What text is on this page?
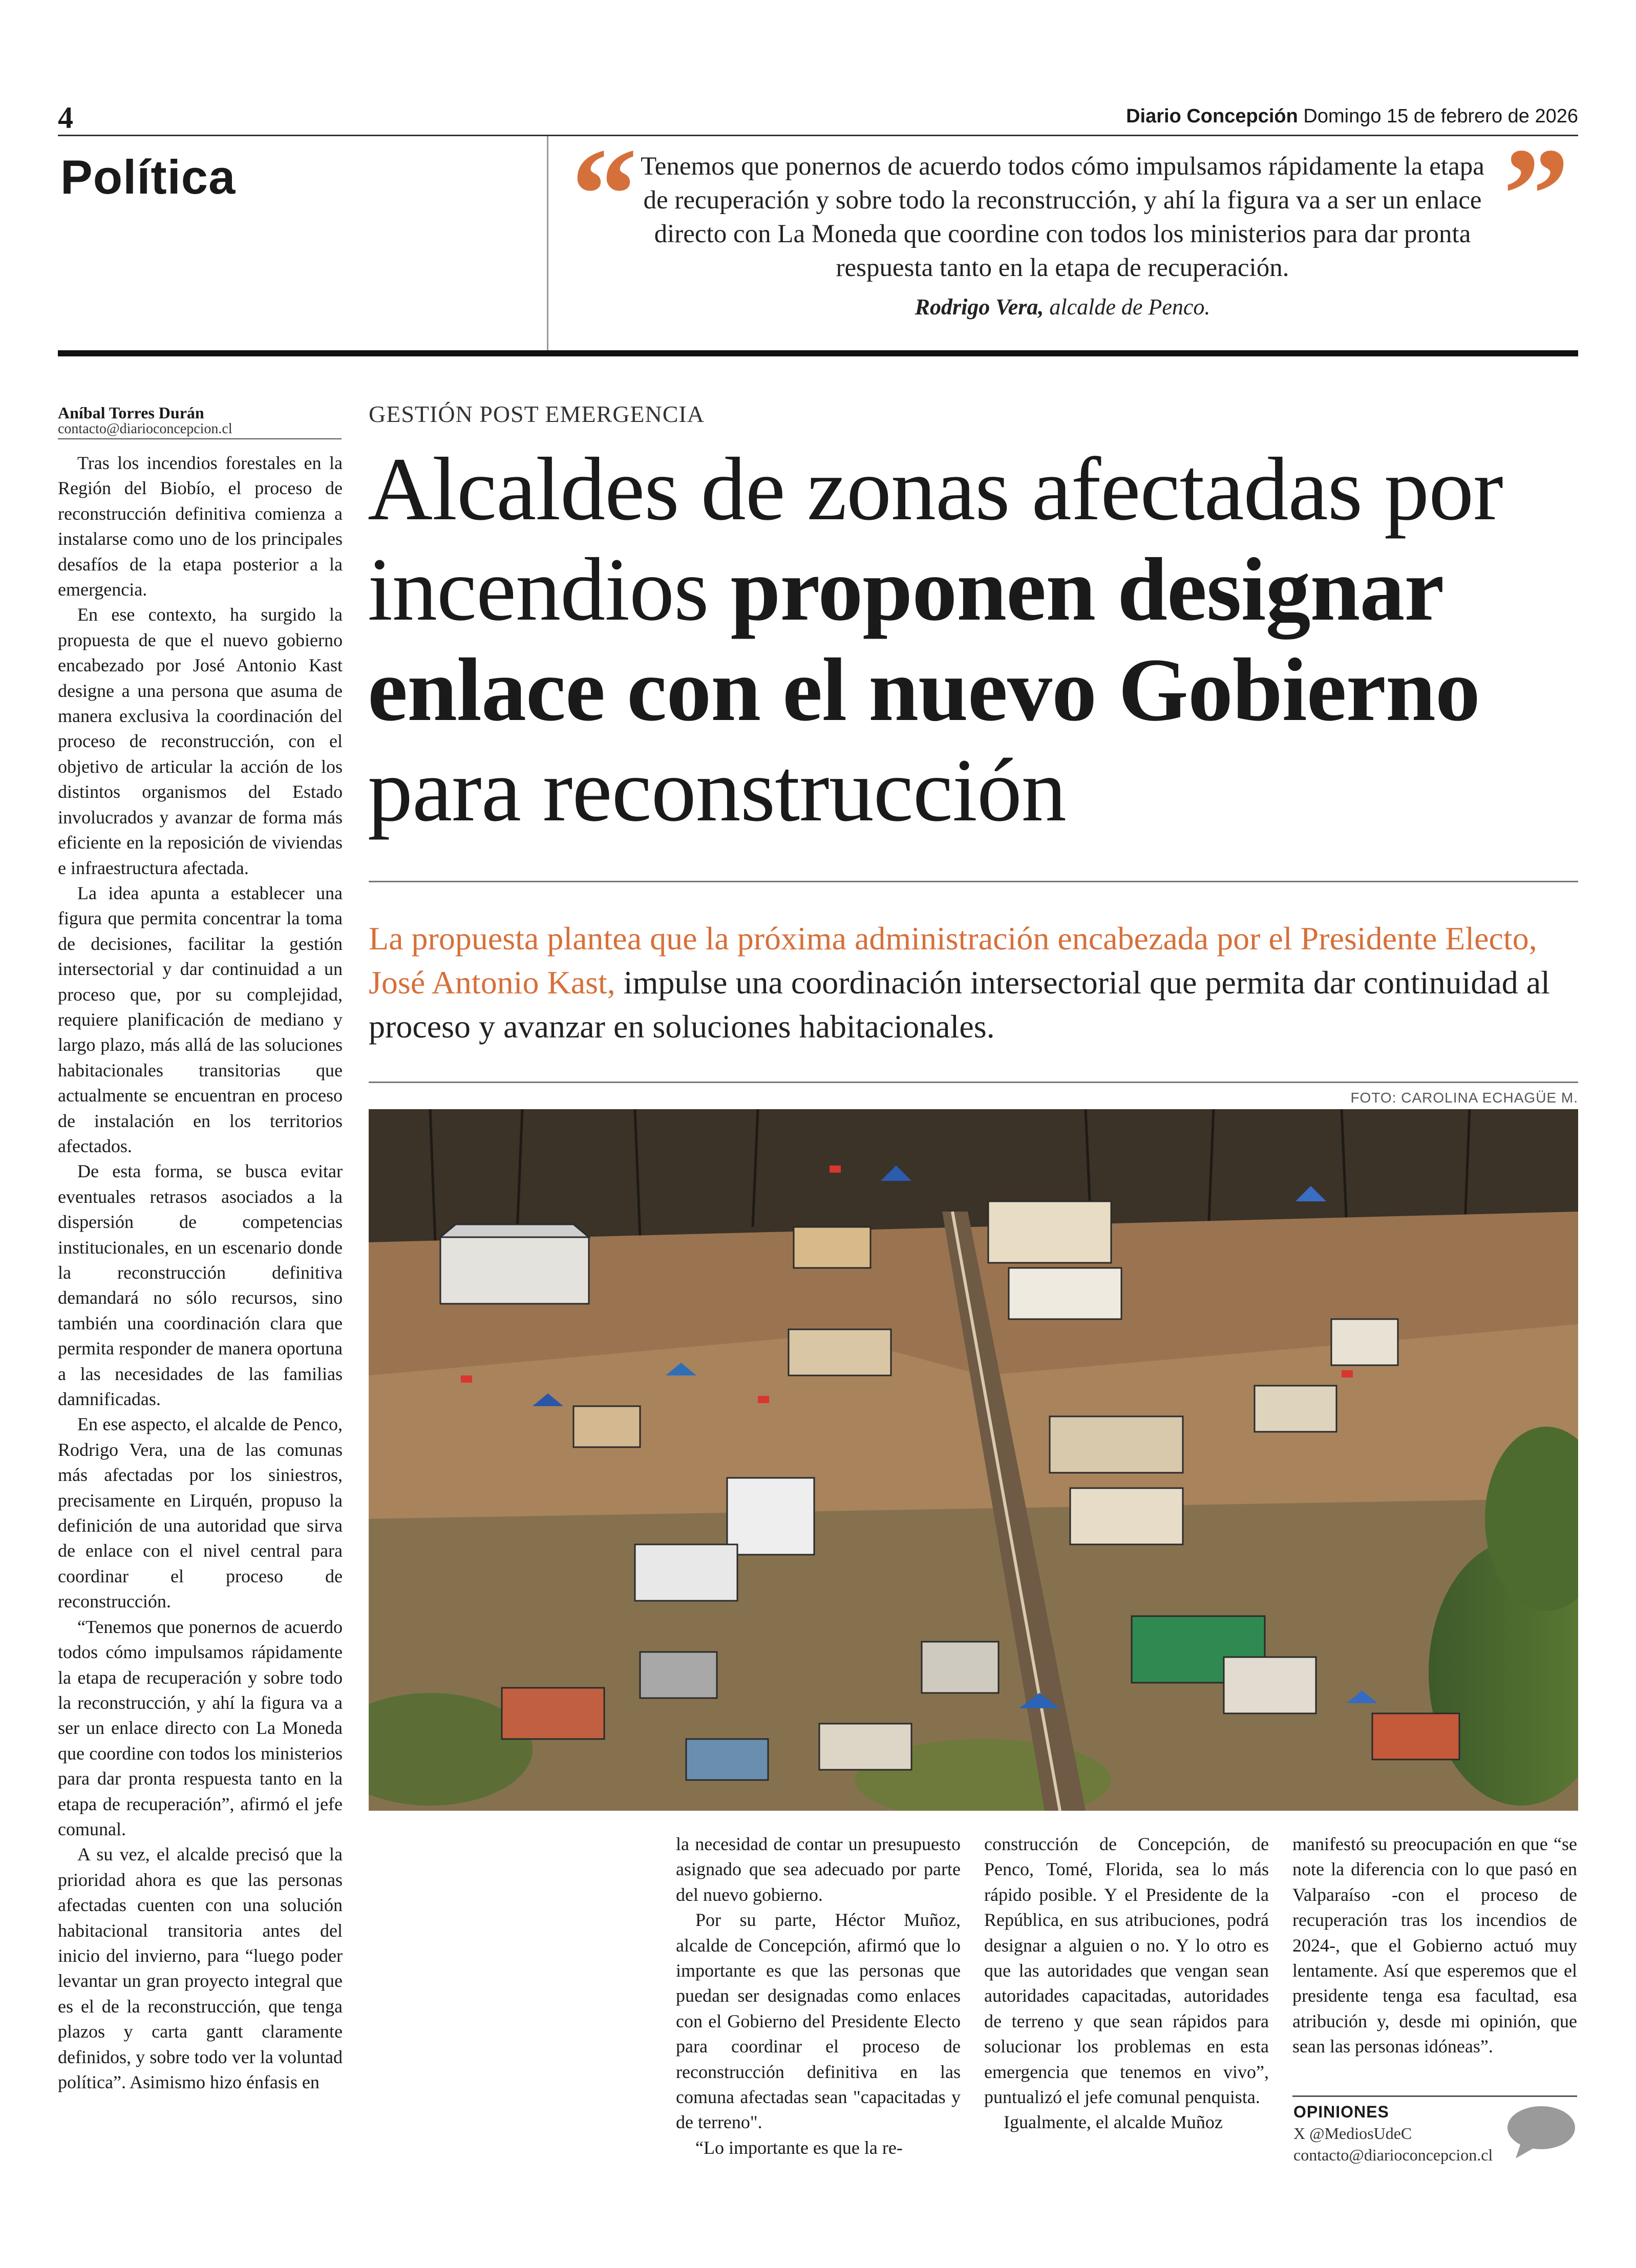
4	Diario Concepción Domingo 15 de febrero de 2026
Política	“	”
Tenemos que ponernos de acuerdo todos cómo impulsamos rápidamente la etapa de recuperación y sobre todo la reconstrucción, y ahí la figura va a ser un enlace directo con La Moneda que coordine con todos los ministerios para dar pronta respuesta tanto en la etapa de recuperación.
Rodrigo Vera, alcalde de Penco.
Aníbal Torres Durán
contacto@diarioconcepcion.cl
GESTIÓN POST EMERGENCIA
Alcaldes de zonas afectadas por incendios proponen designar enlace con el nuevo Gobierno para reconstrucción
La propuesta plantea que la próxima administración encabezada por el Presidente Electo, José Antonio Kast, impulse una coordinación intersectorial que permita dar continuidad al proceso y avanzar en soluciones habitacionales.
FOTO: CAROLINA ECHAGÜE M.

Tras los incendios forestales en la Región del Biobío, el proceso de reconstrucción definitiva comienza a instalarse como uno de los principales desafíos de la etapa posterior a la emergencia.

En ese contexto, ha surgido la propuesta de que el nuevo gobierno encabezado por José Antonio Kast designe a una persona que asuma de manera exclusiva la coordinación del proceso de reconstrucción, con el objetivo de articular la acción de los distintos organismos del Estado involucrados y avanzar de forma más eficiente en la reposición de viviendas e infraestructura afectada.

La idea apunta a establecer una figura que permita concentrar la toma de decisiones, facilitar la gestión intersectorial y dar continuidad a un proceso que, por su complejidad, requiere planificación de mediano y largo plazo, más allá de las soluciones habitacionales transitorias que actualmente se encuentran en proceso de instalación en los territorios afectados.

De esta forma, se busca evitar eventuales retrasos asociados a la dispersión de competencias institucionales, en un escenario donde la reconstrucción definitiva demandará no sólo recursos, sino también una coordinación clara que permita responder de manera oportuna a las necesidades de las familias damnificadas.

En ese aspecto, el alcalde de Penco, Rodrigo Vera, una de las comunas más afectadas por los siniestros, precisamente en Lirquén, propuso la definición de una autoridad que sirva de enlace con el nivel central para coordinar el proceso de reconstrucción.

“Tenemos que ponernos de acuerdo todos cómo impulsamos rápidamente la etapa de recuperación y sobre todo la reconstrucción, y ahí la figura va a ser un enlace directo con La Moneda que coordine con todos los ministerios para dar pronta respuesta tanto en la etapa de recuperación”, afirmó el jefe comunal.

A su vez, el alcalde precisó que la prioridad ahora es que las personas afectadas cuenten con una solución habitacional transitoria antes del inicio del invierno, para “luego poder levantar un gran proyecto integral que es el de la reconstrucción, que tenga plazos y carta gantt claramente definidos, y sobre todo ver la voluntad política”. Asimismo hizo énfasis en

la necesidad de contar un presupuesto asignado que sea adecuado por parte del nuevo gobierno.

Por su parte, Héctor Muñoz, alcalde de Concepción, afirmó que lo importante es que las personas que puedan ser designadas como enlaces con el Gobierno del Presidente Electo para coordinar el proceso de reconstrucción definitiva en las comuna afectadas sean "capacitadas y de terreno".

“Lo importante es que la re-

construcción de Concepción, de Penco, Tomé, Florida, sea lo más rápido posible. Y el Presidente de la República, en sus atribuciones, podrá designar a alguien o no. Y lo otro es que las autoridades que vengan sean autoridades capacitadas, autoridades de terreno y que sean rápidos para solucionar los problemas en esta emergencia que tenemos en vivo”, puntualizó el jefe comunal penquista.

Igualmente, el alcalde Muñoz

manifestó su preocupación en que “se note la diferencia con lo que pasó en Valparaíso -con el proceso de recuperación tras los incendios de 2024-, que el Gobierno actuó muy lentamente. Así que esperemos que el presidente tenga esa facultad, esa atribución y, desde mi opinión, que sean las personas idóneas”.

OPINIONES
X @MediosUdeC
contacto@diarioconcepcion.cl
